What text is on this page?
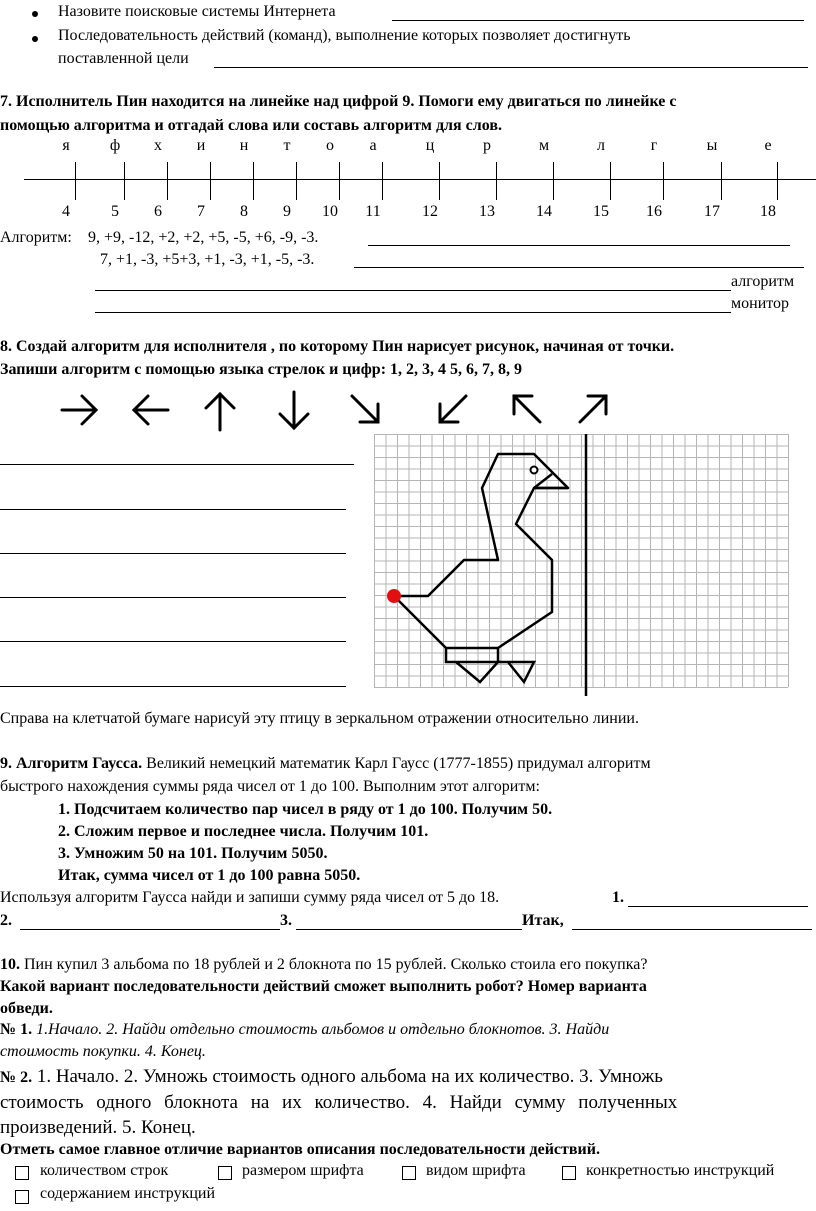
Назовите поисковые системы Интернета
Последовательность действий (команд), выполнение которых позволяет достигнуть
поставленной цели
7. Исполнитель Пин находится на линейке над цифрой 9. Помоги ему двигаться по линейке с
помощью алгоритма и отгадай слова или составь алгоритм для слов.
я
4
ф
5
х
6
и
7
н
8
т
9
о
10
а
11
ц
12
р
13
м
14
л
15
г
16
ы
17
е
18
Алгоритм: 9, +9, -12, +2, +2, +5, -5, +6, -9, -3.
7, +1, -3, +5+3, +1, -3, +1, -5, -3.
алгоритм
монитор
8. Создай алгоритм для исполнителя , по которому Пин нарисует рисунок, начиная от точки.
Запиши алгоритм с помощью языка стрелок и цифр: 1, 2, 3, 4 5, 6, 7, 8, 9
Справа на клетчатой бумаге нарисуй эту птицу в зеркальном отражении относительно линии.
9. Алгоритм Гаусса. Великий немецкий математик Карл Гаусс (1777-1855) придумал алгоритм
быстрого нахождения суммы ряда чисел от 1 до 100. Выполним этот алгоритм:
1. Подсчитаем количество пар чисел в ряду от 1 до 100. Получим 50.
2. Сложим первое и последнее числа. Получим 101.
3. Умножим 50 на 101. Получим 5050.
Итак, сумма чисел от 1 до 100 равна 5050.
Используя алгоритм Гаусса найди и запиши сумму ряда чисел от 5 до 18.	1.
2.	3.	Итак,
10. Пин купил 3 альбома по 18 рублей и 2 блокнота по 15 рублей. Сколько стоила его покупка?
Какой вариант последовательности действий сможет выполнить робот? Номер варианта
обведи.
№ 1. 1.Начало. 2. Найди отдельно стоимость альбомов и отдельно блокнотов. 3. Найди
стоимость покупки. 4. Конец.
№ 2. 1. Начало. 2. Умножь стоимость одного альбома на их количество. 3. Умножь
стоимость одного блокнота на их количество. 4. Найди сумму полученных
произведений. 5. Конец.
Отметь самое главное отличие вариантов описания последовательности действий.
количеством строк	размером шрифта	видом шрифта	конкретностью инструкций
содержанием инструкций
